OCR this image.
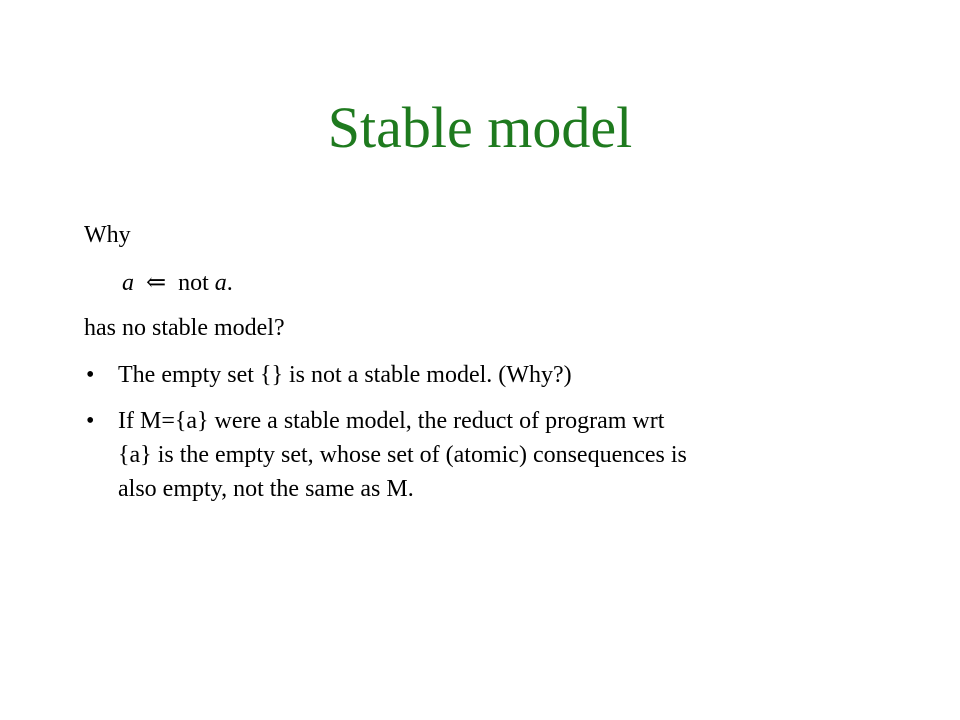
Stable model
Why
a ⇐ not a.
has no stable model?
• The empty set {} is not a stable model. (Why?)
• If M={a} were a stable model, the reduct of program wrt
{a} is the empty set, whose set of (atomic) consequences is
also empty, not the same as M.
